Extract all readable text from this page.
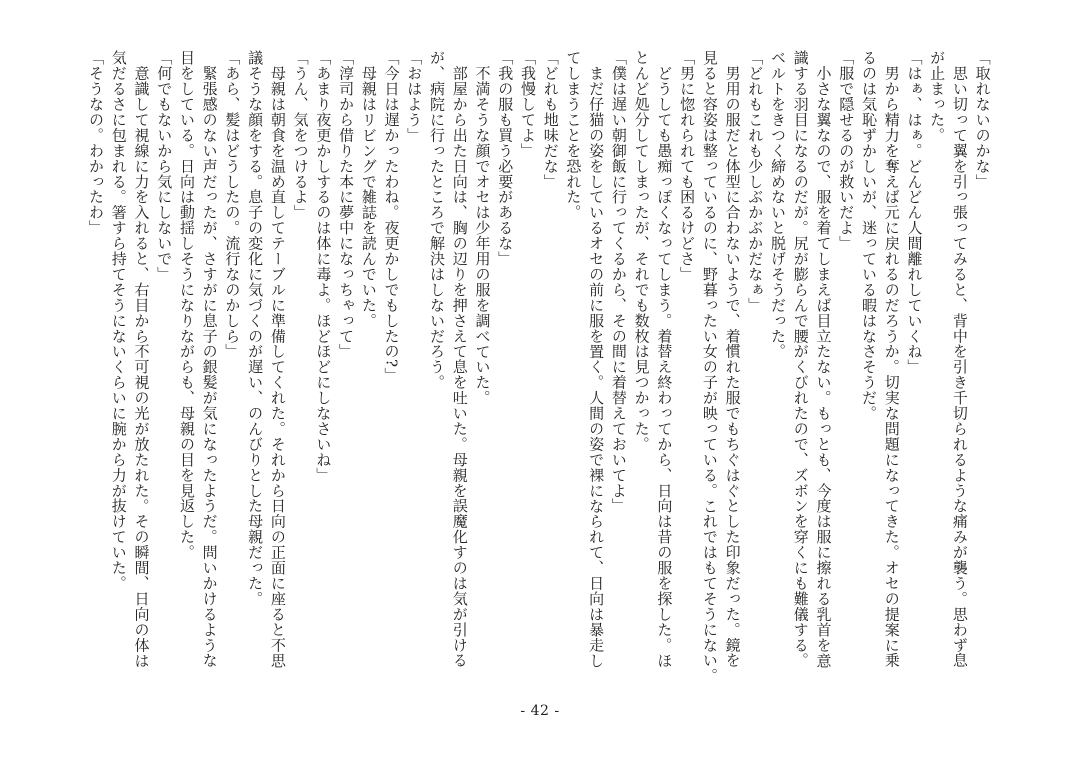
「取れないのかな」
　思い切って翼を引っ張ってみると、背中を引き千切られるような痛みが襲う。思わず息
が止まった。
「はぁ、はぁ。どんどん人間離れしていくね」
　男から精力を奪えば元に戻れるのだろうか。切実な問題になってきた。オセの提案に乗
るのは気恥ずかしいが、迷っている暇はなさそうだ。
「服で隠せるのが救いだよ」
　小さな翼なので、服を着てしまえば目立たない。もっとも、今度は服に擦れる乳首を意
識する羽目になるのだが。尻が膨らんで腰がくびれたので、ズボンを穿くにも難儀する。
ベルトをきつく締めないと脱げそうだった。
「どれもこれも少しぶかぶかだなぁ」
　男用の服だと体型に合わないようで、着慣れた服でもちぐはぐとした印象だった。鏡を
見ると容姿は整っているのに、野暮ったい女の子が映っている。これではもてそうにない。
「男に惚れられても困るけどさ」
　どうしても愚痴っぽくなってしまう。着替え終わってから、日向は昔の服を探した。ほ
とんど処分してしまったが、それでも数枚は見つかった。
「僕は遅い朝御飯に行ってくるから、その間に着替えておいてよ」
　まだ仔猫の姿をしているオセの前に服を置く。人間の姿で裸になられて、日向は暴走し
てしまうことを恐れた。
「どれも地味だな」
「我慢してよ」
「我の服も買う必要があるな」
　不満そうな顔でオセは少年用の服を調べていた。
　部屋から出た日向は、胸の辺りを押さえて息を吐いた。母親を誤魔化すのは気が引ける
が、病院に行ったところで解決はしないだろう。
「おはよう」
「今日は遅かったわね。夜更かしでもしたの?」
　母親はリビングで雑誌を読んでいた。
「淳司から借りた本に夢中になっちゃって」
「あまり夜更かしするのは体に毒よ。ほどほどにしなさいね」
「うん、気をつけるよ」
　母親は朝食を温め直してテーブルに準備してくれた。それから日向の正面に座ると不思
議そうな顔をする。息子の変化に気づくのが遅い、のんびりとした母親だった。
「あら、髪はどうしたの。流行なのかしら」
　緊張感のない声だったが、さすがに息子の銀髪が気になったようだ。問いかけるような
目をしている。日向は動揺しそうになりながらも、母親の目を見返した。
「何でもないから気にしないで」
　意識して視線に力を入れると、右目から不可視の光が放たれた。その瞬間、日向の体は
気だるさに包まれる。箸すら持てそうにないくらいに腕から力が抜けていた。
「そうなの。わかったわ」
- 42 -
